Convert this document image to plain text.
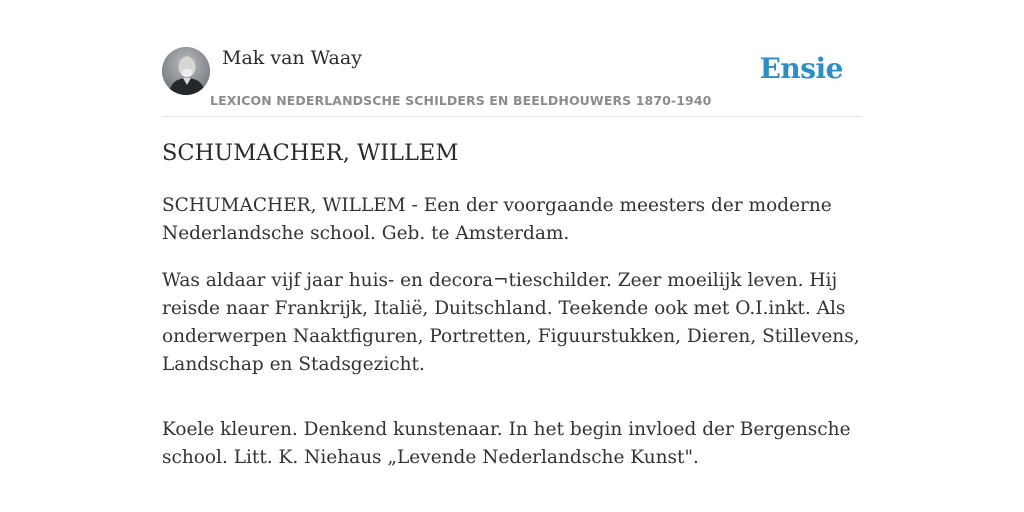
Mak van Waay
LEXICON NEDERLANDSCHE SCHILDERS EN BEELDHOUWERS 1870-1940
Ensie
SCHUMACHER, WILLEM

SCHUMACHER, WILLEM - Een der voorgaande meesters der moderne Nederlandsche school. Geb. te Amsterdam.

Was aldaar vijf jaar huis- en decora¬tieschilder. Zeer moeilijk leven. Hij reisde naar Frankrijk, Italië, Duitschland. Teekende ook met O.I.inkt. Als onderwerpen Naaktfiguren, Portretten, Figuurstukken, Dieren, Stillevens, Landschap en Stadsgezicht.

Koele kleuren. Denkend kunstenaar. In het begin invloed der Bergensche school. Litt. K. Niehaus „Levende Nederlandsche Kunst".
